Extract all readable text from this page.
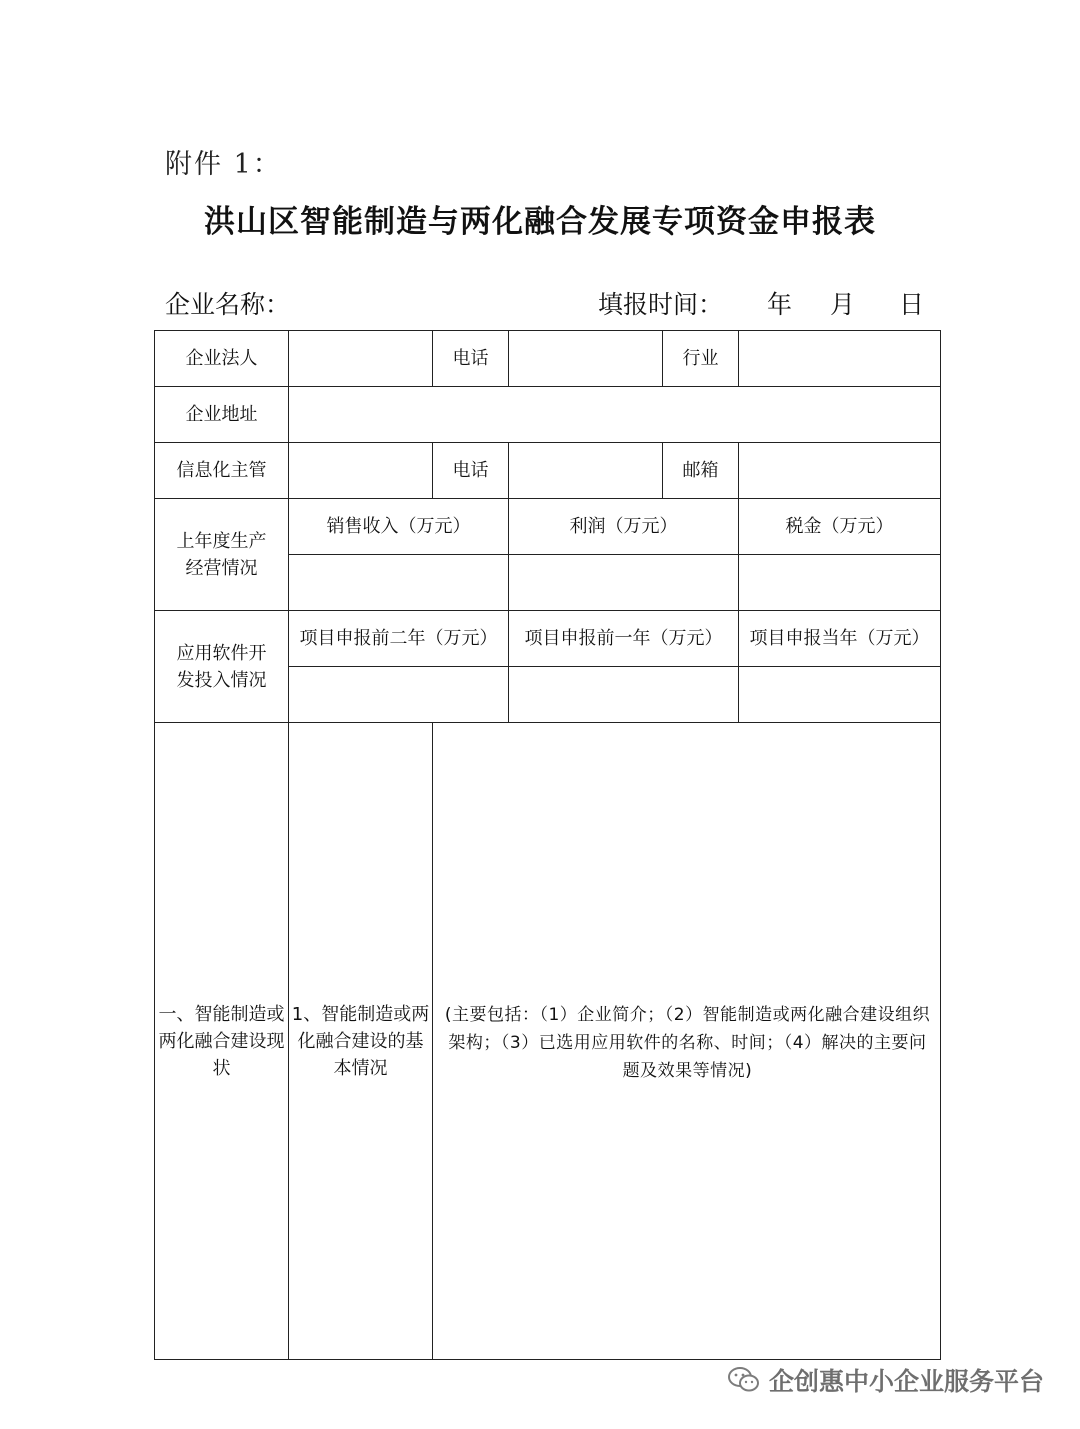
附件 1：
洪山区智能制造与两化融合发展专项资金申报表
企业名称：	填报时间： 年 月 日
企业法人		电话		行业	
企业地址					
信息化主管		电话		邮箱	
上年度生产经营情况	销售收入（万元）		利润（万元）		税金（万元）

应用软件开发投入情况	项目申报前二年（万元）		项目申报前一年（万元）		项目申报当年（万元）

一、智能制造或两化融合建设现状	1、智能制造或两化融合建设的基本情况	(主要包括：（1）企业简介；（2）智能制造或两化融合建设组织架构；（3）已选用应用软件的名称、时间；（4）解决的主要问题及效果等情况)			
企创惠中小企业服务平台
